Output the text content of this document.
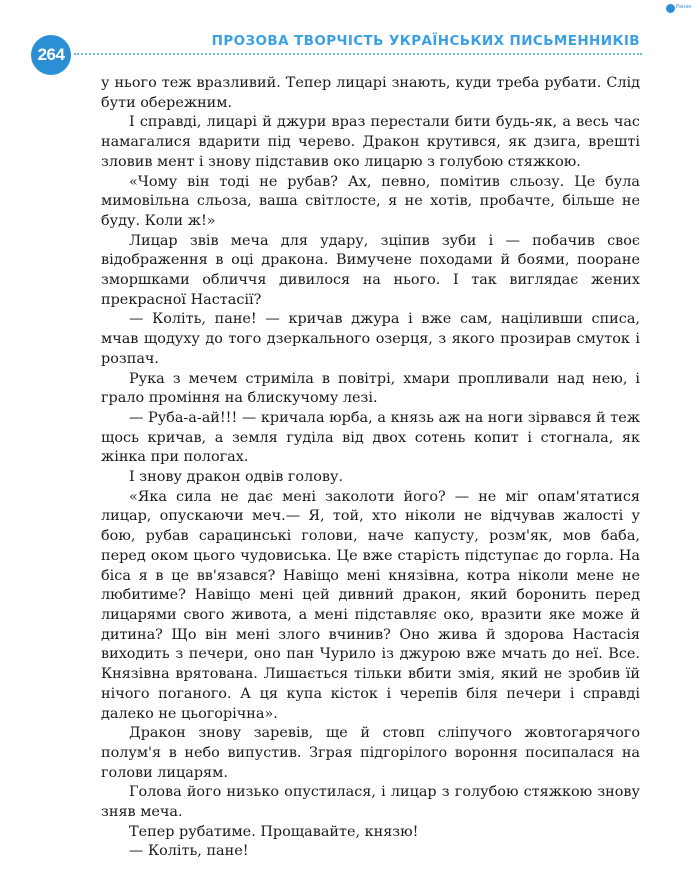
264
ПРОЗОВА ТВОРЧІСТЬ УКРАЇНСЬКИХ ПИСЬМЕННИКІВ
Ранок

у нього теж вразливий. Тепер лицарі знають, куди треба рубати. Слід бути обережним.

І справді, лицарі й джури враз перестали бити будь-як, а весь час намагалися вдарити під черево. Дракон крутився, як дзига, врешті зловив мент і знову підставив око лицарю з голубою стяжкою.

«Чому він тоді не рубав? Ах, певно, помітив сльозу. Це була мимовільна сльоза, ваша світлосте, я не хотів, пробачте, більше не буду. Коли ж!»

Лицар звів меча для удару, зціпив зуби і — побачив своє відображення в оці дракона. Вимучене походами й боями, пооране зморшками обличчя дивилося на нього. І так виглядає жених прекрасної Настасії?

— Коліть, пане! — кричав джура і вже сам, націливши списа, мчав щодуху до того дзеркального озерця, з якого прозирав смуток і розпач.

Рука з мечем стриміла в повітрі, хмари пропливали над нею, і грало проміння на блискучому лезі.

— Руба-а-ай!!! — кричала юрба, а князь аж на ноги зірвався й теж щось кричав, а земля гуділа від двох сотень копит і стогнала, як жінка при пологах.

І знову дракон одвів голову.

«Яка сила не дає мені заколоти його? — не міг опам'ятатися лицар, опускаючи меч.— Я, той, хто ніколи не відчував жалості у бою, рубав сарацинські голови, наче капусту, розм'як, мов баба, перед оком цього чудовиська. Це вже старість підступає до горла. На біса я в це вв'язався? Навіщо мені князівна, котра ніколи мене не любитиме? Навіщо мені цей дивний дракон, який боронить перед лицарями свого живота, а мені підставляє око, вразити яке може й дитина? Що він мені злого вчинив? Оно жива й здорова Настасія виходить з печери, оно пан Чурило із джурою вже мчать до неї. Все. Князівна врятована. Лишається тільки вбити змія, який не зробив їй нічого поганого. А ця купа кісток і черепів біля печери і справді далеко не цьогорічна».

Дракон знову заревів, ще й стовп сліпучого жовтогарячого полум'я в небо випустив. Зграя підгорілого вороння посипалася на голови лицарям.

Голова його низько опустилася, і лицар з голубою стяжкою знову зняв меча.

Тепер рубатиме. Прощавайте, князю!

— Коліть, пане!
